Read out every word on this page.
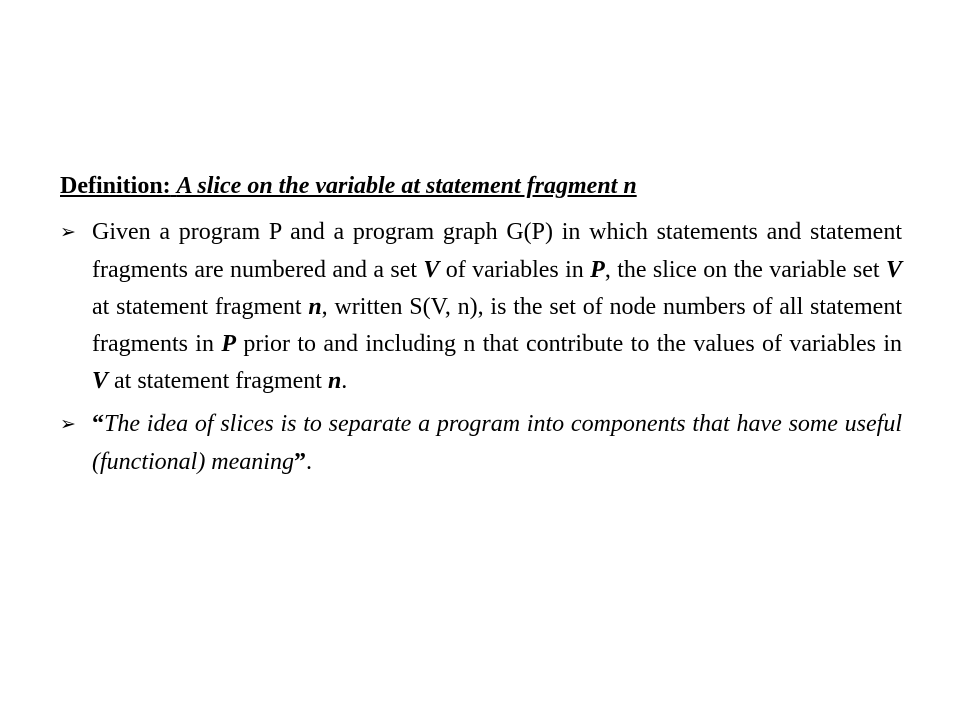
Definition: A slice on the variable at statement fragment n
➢ Given a program P and a program graph G(P) in which statements and statement fragments are numbered and a set V of variables in P, the slice on the variable set V at statement fragment n, written S(V, n), is the set of node numbers of all statement fragments in P prior to and including n that contribute to the values of variables in V at statement fragment n.
➢ “The idea of slices is to separate a program into components that have some useful (functional) meaning”.
